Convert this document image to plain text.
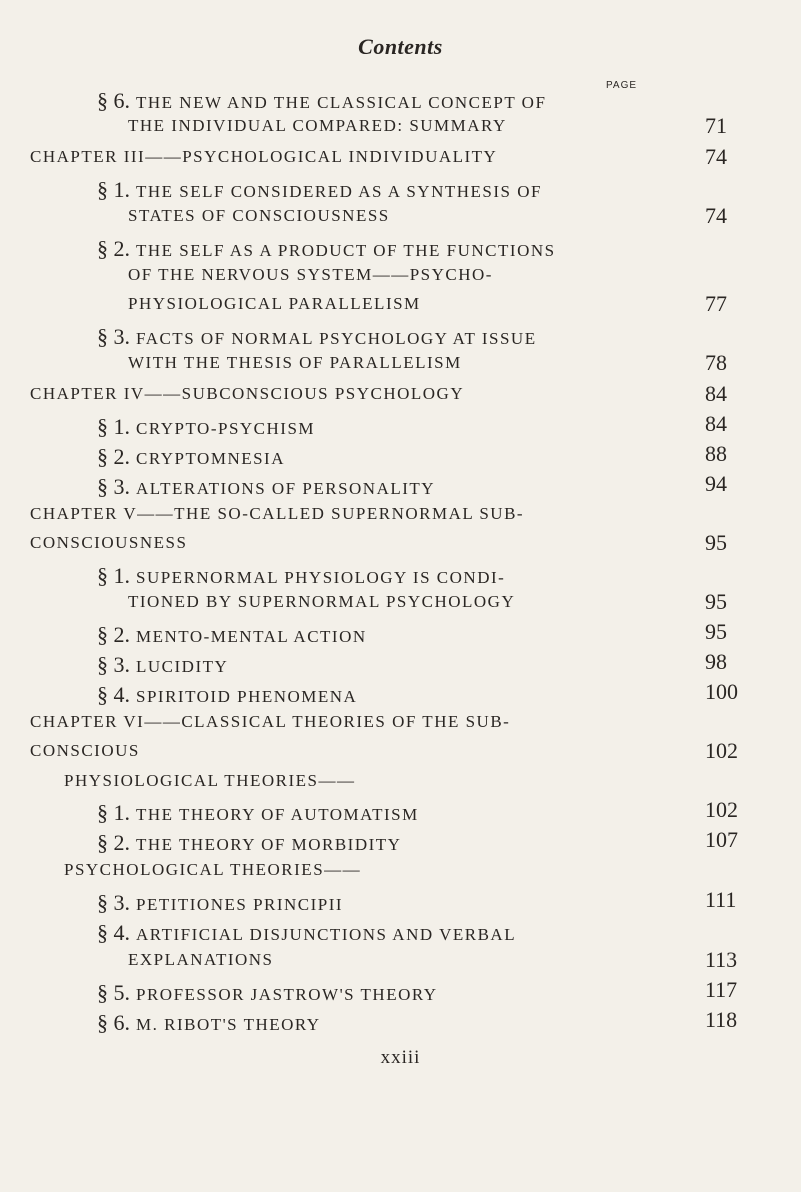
Contents
PAGE
§ 6. THE NEW AND THE CLASSICAL CONCEPT OF
THE INDIVIDUAL COMPARED: SUMMARY	71
CHAPTER III——PSYCHOLOGICAL INDIVIDUALITY	74
§ 1. THE SELF CONSIDERED AS A SYNTHESIS OF
STATES OF CONSCIOUSNESS	74
§ 2. THE SELF AS A PRODUCT OF THE FUNCTIONS
OF THE NERVOUS SYSTEM——PSYCHO-
PHYSIOLOGICAL PARALLELISM	77
§ 3. FACTS OF NORMAL PSYCHOLOGY AT ISSUE
WITH THE THESIS OF PARALLELISM	78
CHAPTER IV——SUBCONSCIOUS PSYCHOLOGY	84
§ 1. CRYPTO-PSYCHISM	84
§ 2. CRYPTOMNESIA	88
§ 3. ALTERATIONS OF PERSONALITY	94
CHAPTER V——THE SO-CALLED SUPERNORMAL SUB-
CONSCIOUSNESS	95
§ 1. SUPERNORMAL PHYSIOLOGY IS CONDI-
TIONED BY SUPERNORMAL PSYCHOLOGY	95
§ 2. MENTO-MENTAL ACTION	95
§ 3. LUCIDITY	98
§ 4. SPIRITOID PHENOMENA	100
CHAPTER VI——CLASSICAL THEORIES OF THE SUB-
CONSCIOUS	102
PHYSIOLOGICAL THEORIES——
§ 1. THE THEORY OF AUTOMATISM	102
§ 2. THE THEORY OF MORBIDITY	107
PSYCHOLOGICAL THEORIES——
§ 3. PETITIONES PRINCIPII	111
§ 4. ARTIFICIAL DISJUNCTIONS AND VERBAL
EXPLANATIONS	113
§ 5. PROFESSOR JASTROW'S THEORY	117
§ 6. M. RIBOT'S THEORY	118
xxiii
